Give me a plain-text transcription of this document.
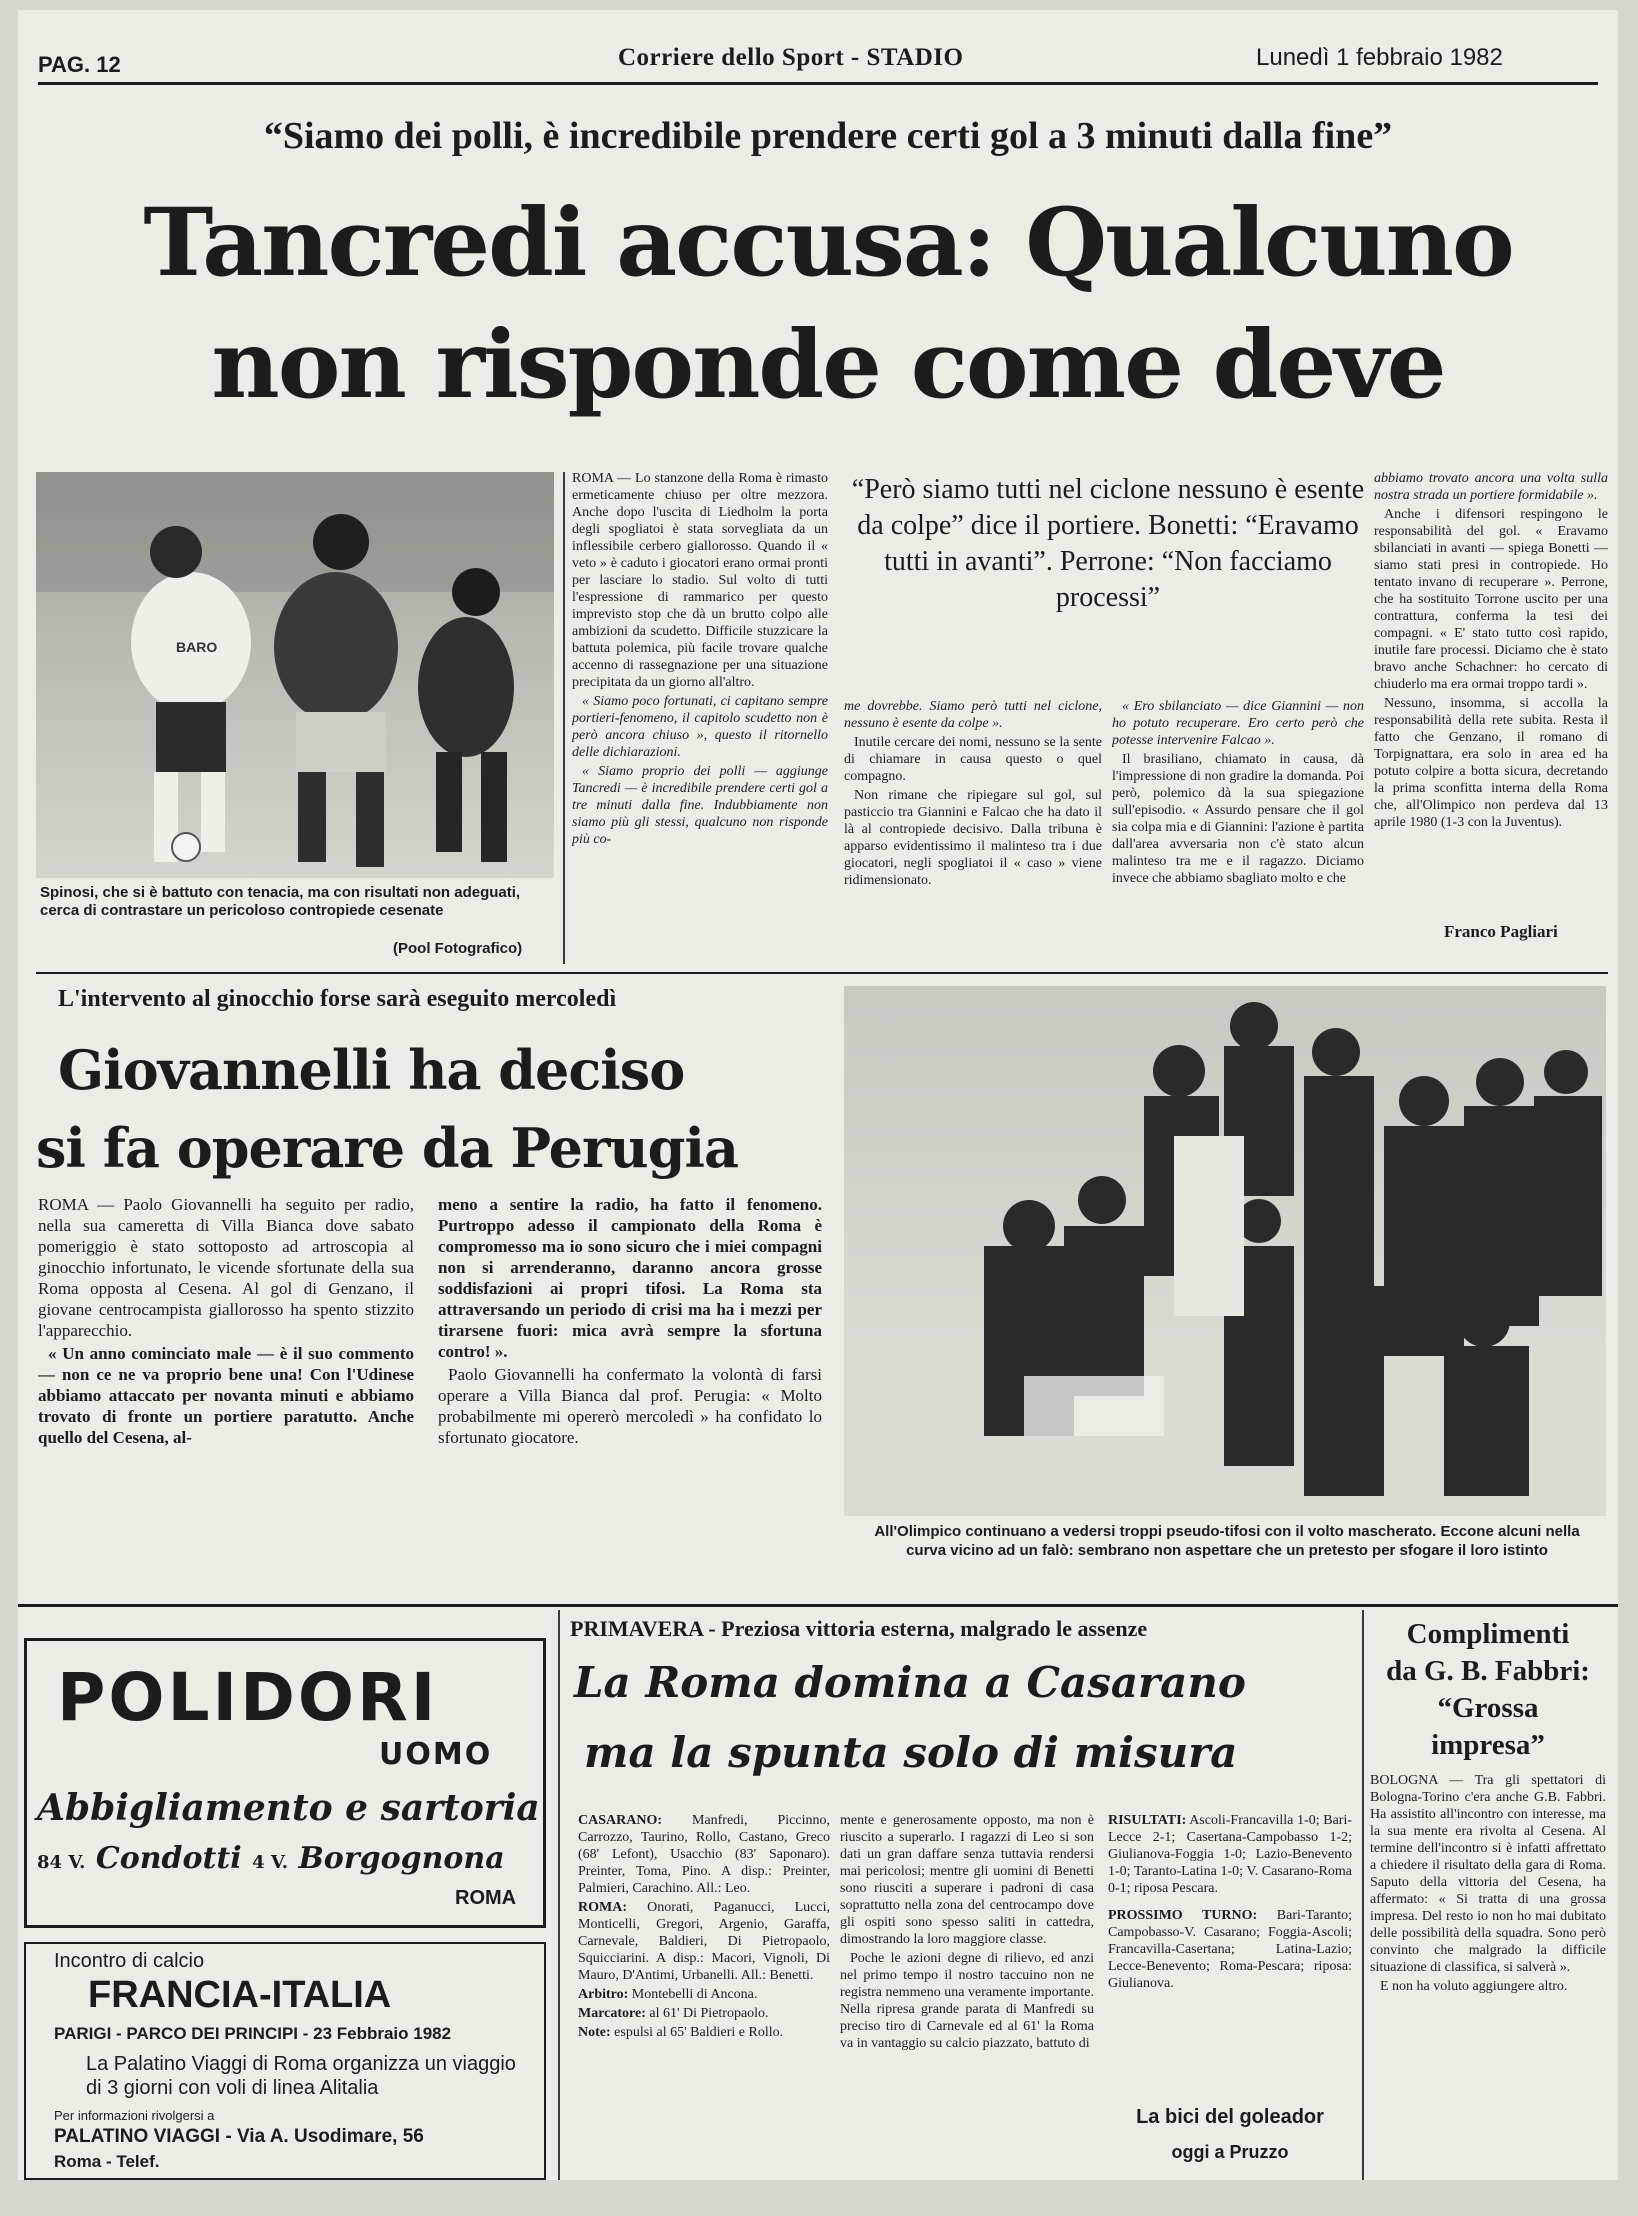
PAG. 12	Corriere dello Sport - STADIO	Lunedì 1 febbraio 1982
“Siamo dei polli, è incredibile prendere certi gol a 3 minuti dalla fine”
Tancredi accusa: Qualcuno
non risponde come deve
BARO
Spinosi, che si è battuto con tenacia, ma con risultati non adeguati, cerca di contrastare un pericoloso contropiede cesenate
(Pool Fotografico)

ROMA — Lo stanzone della Roma è rimasto ermeticamente chiuso per oltre mezzora. Anche dopo l'uscita di Liedholm la porta degli spogliatoi è stata sorvegliata da un inflessibile cerbero giallorosso. Quando il « veto » è caduto i giocatori erano ormai pronti per lasciare lo stadio. Sul volto di tutti l'espressione di rammarico per questo imprevisto stop che dà un brutto colpo alle ambizioni da scudetto. Difficile stuzzicare la battuta polemica, più facile trovare qualche accenno di rassegnazione per una situazione precipitata da un giorno all'altro.

« Siamo poco fortunati, ci capitano sempre portieri-fenomeno, il capitolo scudetto non è però ancora chiuso », questo il ritornello delle dichiarazioni.

« Siamo proprio dei polli — aggiunge Tancredi — è incredibile prendere certi gol a tre minuti dalla fine. Indubbiamente non siamo più gli stessi, qualcuno non risponde più co-

“Però siamo tutti nel ciclone nessuno è esente da colpe” dice il portiere. Bonetti: “Eravamo tutti in avanti”. Perrone: “Non facciamo processi”

me dovrebbe. Siamo però tutti nel ciclone, nessuno è esente da colpe ».

Inutile cercare dei nomi, nessuno se la sente di chiamare in causa questo o quel compagno.

Non rimane che ripiegare sul gol, sul pasticcio tra Giannini e Falcao che ha dato il là al contropiede decisivo. Dalla tribuna è apparso evidentissimo il malinteso tra i due giocatori, negli spogliatoi il « caso » viene ridimensionato.

« Ero sbilanciato — dice Giannini — non ho potuto recuperare. Ero certo però che potesse intervenire Falcao ».

Il brasiliano, chiamato in causa, dà l'impressione di non gradire la domanda. Poi però, polemico dà la sua spiegazione sull'episodio. « Assurdo pensare che il gol sia colpa mia e di Giannini: l'azione è partita dall'area avversaria non c'è stato alcun malinteso tra me e il ragazzo. Diciamo invece che abbiamo sbagliato molto e che

abbiamo trovato ancora una volta sulla nostra strada un portiere formidabile ».

Anche i difensori respingono le responsabilità del gol. « Eravamo sbilanciati in avanti — spiega Bonetti — siamo stati presi in contropiede. Ho tentato invano di recuperare ». Perrone, che ha sostituito Torrone uscito per una contrattura, conferma la tesi dei compagni. « E' stato tutto così rapido, inutile fare processi. Diciamo che è stato bravo anche Schachner: ho cercato di chiuderlo ma era ormai troppo tardi ».

Nessuno, insomma, si accolla la responsabilità della rete subita. Resta il fatto che Genzano, il romano di Torpignattara, era solo in area ed ha potuto colpire a botta sicura, decretando la prima sconfitta interna della Roma che, all'Olimpico non perdeva dal 13 aprile 1980 (1-3 con la Juventus).

Franco Pagliari
L'intervento al ginocchio forse sarà eseguito mercoledì
Giovannelli ha deciso
si fa operare da Perugia

ROMA — Paolo Giovannelli ha seguito per radio, nella sua cameretta di Villa Bianca dove sabato pomeriggio è stato sottoposto ad artroscopia al ginocchio infortunato, le vicende sfortunate della sua Roma opposta al Cesena. Al gol di Genzano, il giovane centrocampista giallorosso ha spento stizzito l'apparecchio.

« Un anno cominciato male — è il suo commento — non ce ne va proprio bene una! Con l'Udinese abbiamo attaccato per novanta minuti e abbiamo trovato di fronte un portiere paratutto. Anche quello del Cesena, al-

meno a sentire la radio, ha fatto il fenomeno. Purtroppo adesso il campionato della Roma è compromesso ma io sono sicuro che i miei compagni non si arrenderanno, daranno ancora grosse soddisfazioni ai propri tifosi. La Roma sta attraversando un periodo di crisi ma ha i mezzi per tirarsene fuori: mica avrà sempre la sfortuna contro! ».

Paolo Giovannelli ha confermato la volontà di farsi operare a Villa Bianca dal prof. Perugia: « Molto probabilmente mi opererò mercoledì » ha confidato lo sfortunato giocatore.

All'Olimpico continuano a vedersi troppi pseudo-tifosi con il volto mascherato. Eccone alcuni nella curva vicino ad un falò: sembrano non aspettare che un pretesto per sfogare il loro istinto
POLIDORI
UOMO
Abbigliamento e sartoria
84 V. Condotti 4 V. Borgognona
ROMA
Incontro di calcio
FRANCIA-ITALIA
PARIGI - PARCO DEI PRINCIPI - 23 Febbraio 1982
La Palatino Viaggi di Roma organizza un viaggio di 3 giorni con voli di linea Alitalia
Per informazioni rivolgersi a
PALATINO VIAGGI - Via A. Usodimare, 56
Roma - Telef.
PRIMAVERA - Preziosa vittoria esterna, malgrado le assenze
La Roma domina a Casarano
ma la spunta solo di misura

CASARANO: Manfredi, Piccinno, Carrozzo, Taurino, Rollo, Castano, Greco (68' Lefont), Usacchio (83' Saponaro). Preinter, Toma, Pino. A disp.: Preinter, Palmieri, Carachino. All.: Leo.

ROMA: Onorati, Paganucci, Lucci, Monticelli, Gregori, Argenio, Garaffa, Carnevale, Baldieri, Di Pietropaolo, Squicciarini. A disp.: Macori, Vignoli, Di Mauro, D'Antimi, Urbanelli. All.: Benetti.

Arbitro: Montebelli di Ancona.

Marcatore: al 61' Di Pietropaolo.

Note: espulsi al 65' Baldieri e Rollo.

mente e generosamente opposto, ma non è riuscito a superarlo. I ragazzi di Leo si son dati un gran daffare senza tuttavia rendersi mai pericolosi; mentre gli uomini di Benetti sono riusciti a superare i padroni di casa soprattutto nella zona del centrocampo dove gli ospiti sono spesso saliti in cattedra, dimostrando la loro maggiore classe.

Poche le azioni degne di rilievo, ed anzi nel primo tempo il nostro taccuino non ne registra nemmeno una veramente importante. Nella ripresa grande parata di Manfredi su preciso tiro di Carnevale ed al 61' la Roma va in vantaggio su calcio piazzato, battuto di

RISULTATI: Ascoli-Francavilla 1-0; Bari-Lecce 2-1; Casertana-Campobasso 1-2; Giulianova-Foggia 1-0; Lazio-Benevento 1-0; Taranto-Latina 1-0; V. Casarano-Roma 0-1; riposa Pescara.

PROSSIMO TURNO: Bari-Taranto; Campobasso-V. Casarano; Foggia-Ascoli; Francavilla-Casertana; Latina-Lazio; Lecce-Benevento; Roma-Pescara; riposa: Giulianova.

La bici del goleador
oggi a Pruzzo
Complimenti
da G. B. Fabbri:
“Grossa
impresa”

BOLOGNA — Tra gli spettatori di Bologna-Torino c'era anche G.B. Fabbri. Ha assistito all'incontro con interesse, ma la sua mente era rivolta al Cesena. Al termine dell'incontro si è infatti affrettato a chiedere il risultato della gara di Roma. Saputo della vittoria del Cesena, ha affermato: « Si tratta di una grossa impresa. Del resto io non ho mai dubitato delle possibilità della squadra. Sono però convinto che malgrado la difficile situazione di classifica, si salverà ».

E non ha voluto aggiungere altro.
